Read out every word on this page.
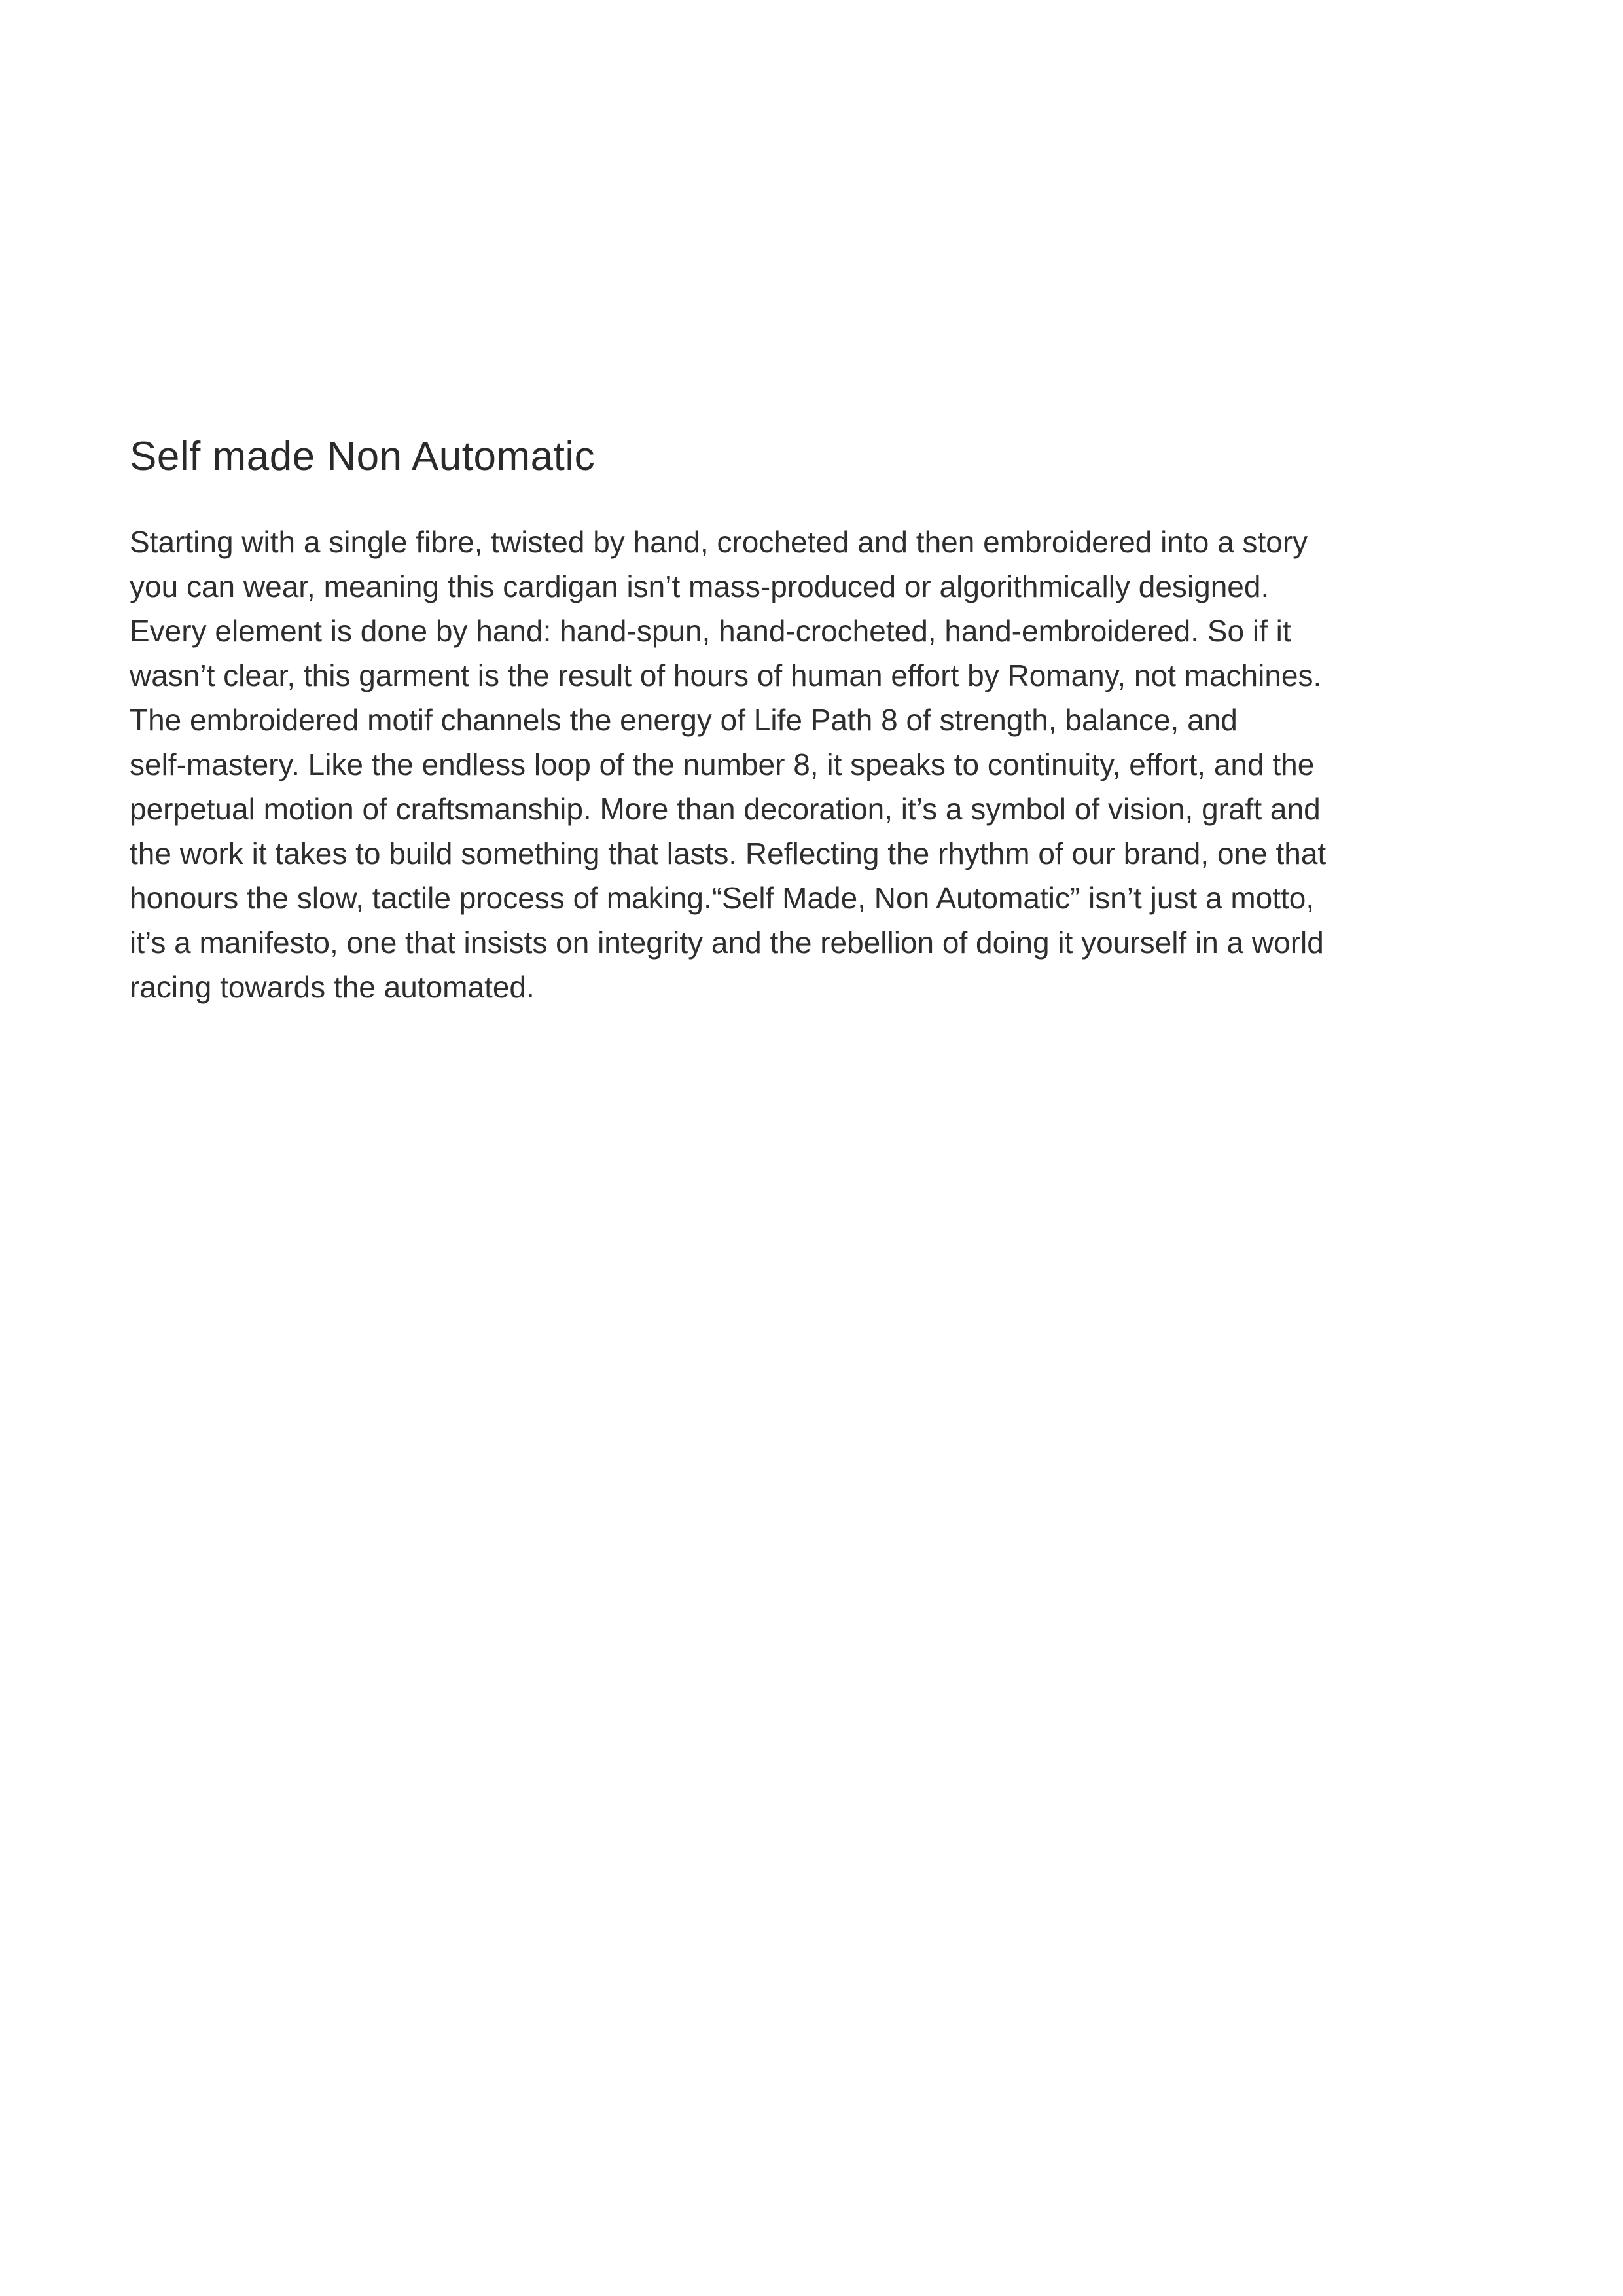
Self made Non Automatic

Starting with a single fibre, twisted by hand, crocheted and then embroidered into a story
you can wear, meaning this cardigan isn’t mass-produced or algorithmically designed.
Every element is done by hand: hand-spun, hand-crocheted, hand-embroidered. So if it
wasn’t clear, this garment is the result of hours of human effort by Romany, not machines.
The embroidered motif channels the energy of Life Path 8 of strength, balance, and
self-mastery. Like the endless loop of the number 8, it speaks to continuity, effort, and the
perpetual motion of craftsmanship. More than decoration, it’s a symbol of vision, graft and
the work it takes to build something that lasts. Reflecting the rhythm of our brand, one that
honours the slow, tactile process of making.“Self Made, Non Automatic” isn’t just a motto,
it’s a manifesto, one that insists on integrity and the rebellion of doing it yourself in a world
racing towards the automated.
